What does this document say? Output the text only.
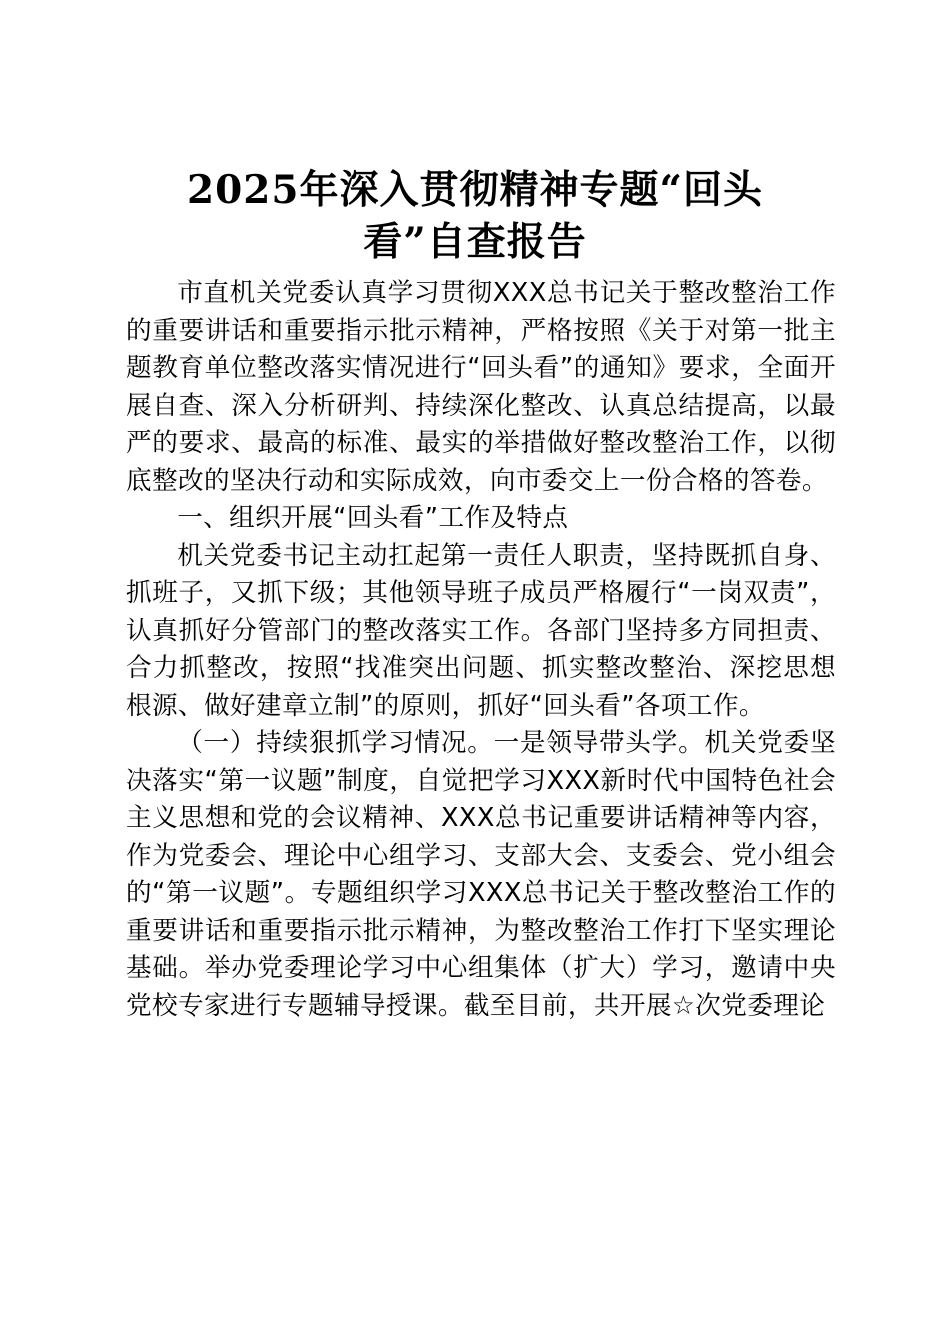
2025年深入贯彻精神专题“回头
看”自查报告

市直机关党委认真学习贯彻XXX总书记关于整改整治工作的重要讲话和重要指示批示精神，严格按照《关于对第一批主题教育单位整改落实情况进行“回头看”的通知》要求，全面开展自查、深入分析研判、持续深化整改、认真总结提高，以最严的要求、最高的标准、最实的举措做好整改整治工作，以彻底整改的坚决行动和实际成效，向市委交上一份合格的答卷。

一、组织开展“回头看”工作及特点

机关党委书记主动扛起第一责任人职责，坚持既抓自身、抓班子，又抓下级；其他领导班子成员严格履行“一岗双责”，认真抓好分管部门的整改落实工作。各部门坚持多方同担责、合力抓整改，按照“找准突出问题、抓实整改整治、深挖思想根源、做好建章立制”的原则，抓好“回头看”各项工作。

（一）持续狠抓学习情况。一是领导带头学。机关党委坚决落实“第一议题”制度，自觉把学习XXX新时代中国特色社会主义思想和党的会议精神、XXX总书记重要讲话精神等内容，作为党委会、理论中心组学习、支部大会、支委会、党小组会的“第一议题”。专题组织学习XXX总书记关于整改整治工作的重要讲话和重要指示批示精神，为整改整治工作打下坚实理论基础。举办党委理论学习中心组集体（扩大）学习，邀请中央党校专家进行专题辅导授课。截至目前，共开展☆次党委理论
